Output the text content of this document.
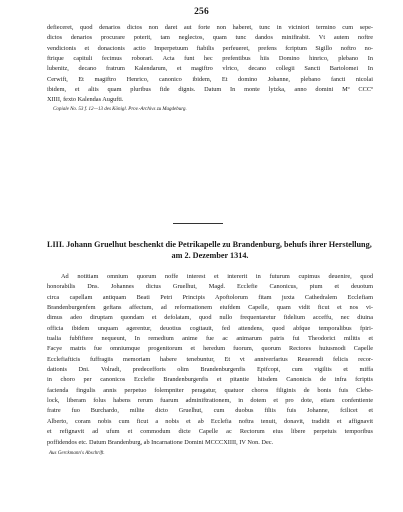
256
defieceret, quod denarios dictos non daret aut forte non haberet, tunc in viciniori termino cum sepe-
dictos denarios procurare poterit, tam neglectos, quam tunc dandos minifirabit. Vt autem noftre
vendicionis et donacionis actio Imperpetuum ftabilis perfeueret, prefens fcriptum Sigillo noftro no-
ftrique capituli fecimus roborari. Acta funt hec prefentibus hiis Domino hinrico, plebano In
lubenitz, decano fratrum Kalendarum, et magiftro vlrico, decano collegii Sancti Bartolomei In
Cerwift, Et magiftro Henrico, canonico ibidem, Et domino Johanne, plebano fancti nicolai
ibidem, et aliis quam pluribus fide dignis. Datum In monte lytzka, anno domini Mº CCCº
XIIII, fexto Kalendas Augufti.
Copiale No. 53 f. 12—13 des Königl. Prov.-Archivs zu Magdeburg.
LIII. Johann Gruelhut beschenkt die Petrikapelle zu Brandenburg, behufs ihrer Herstellung,
am 2. Dezember 1314.
Ad notitiam omnium quorum noffe interest et intererit in futurum cupimus deuenire, quod
honorabilis Dns. Johannes dictus Gruelhut, Magd. Ecclefie Canonicus, pium et deuotum
circa capellam antiquam Beati Petri Principis Apoftolorum fitam juxta Cathedralem Ecclefiam
Brandenburgenfem geftans affectum, ad reformationem eiufdem Capelle, quam vidit ficut et nos vi-
dimus adeo diruptam quondam et defolatam, quod nullo frequentaretur fidelium acceffu, nec diuina
officia ibidem unquam agerentur, deuotius cogitauit, fed attendens, quod abfque temporalibus fpiri-
tualia fubfiftere nequeunt, In remedium anime fue ac animarum patris fui Theodorici militis et
Facye matris fue omniumque progenitorum et heredum fuorum, quorum Rectores huiusmodi Capelle
Ecclefiafticis fuffragiis memoriam habere tenebuntur, Et vt anniverfarius Reuerendi felicis recor-
dationis Dni. Volradi, predecefforis olim Brandenburgenfis Epifcopi, cum vigiliis et miffa
in choro per canonicos Ecclefie Brandenburgenfis et pitantie hiisdem Canonicis de infra fcriptis
facienda fingulis annis perpetuo folempniter peragatur, quatuor choros filiginis de bonis fuis Clebe-
lock, liberam folus habens rerum fuarum adminiftrationem, in dotem et pro dote, etiam confentiente
fratre fuo Burchardo, milite dicto Gruelhut, cum duobus filiis fuis Johanne, fcilicet et
Alberto, coram nobis cum ficut a nobis et ab Ecclefia noftra tenuit, donavit, tradidit et affignavit
et refignavit ad ufum et commodum dicte Capelle ac Rectorum eius libere perpetuis temporibus
poffidendos etc. Datum Brandenburg, ab Incarnatione Domini MCCCXIIII, IV Non. Dec.
Aus Gerckmann's Abschrift.
